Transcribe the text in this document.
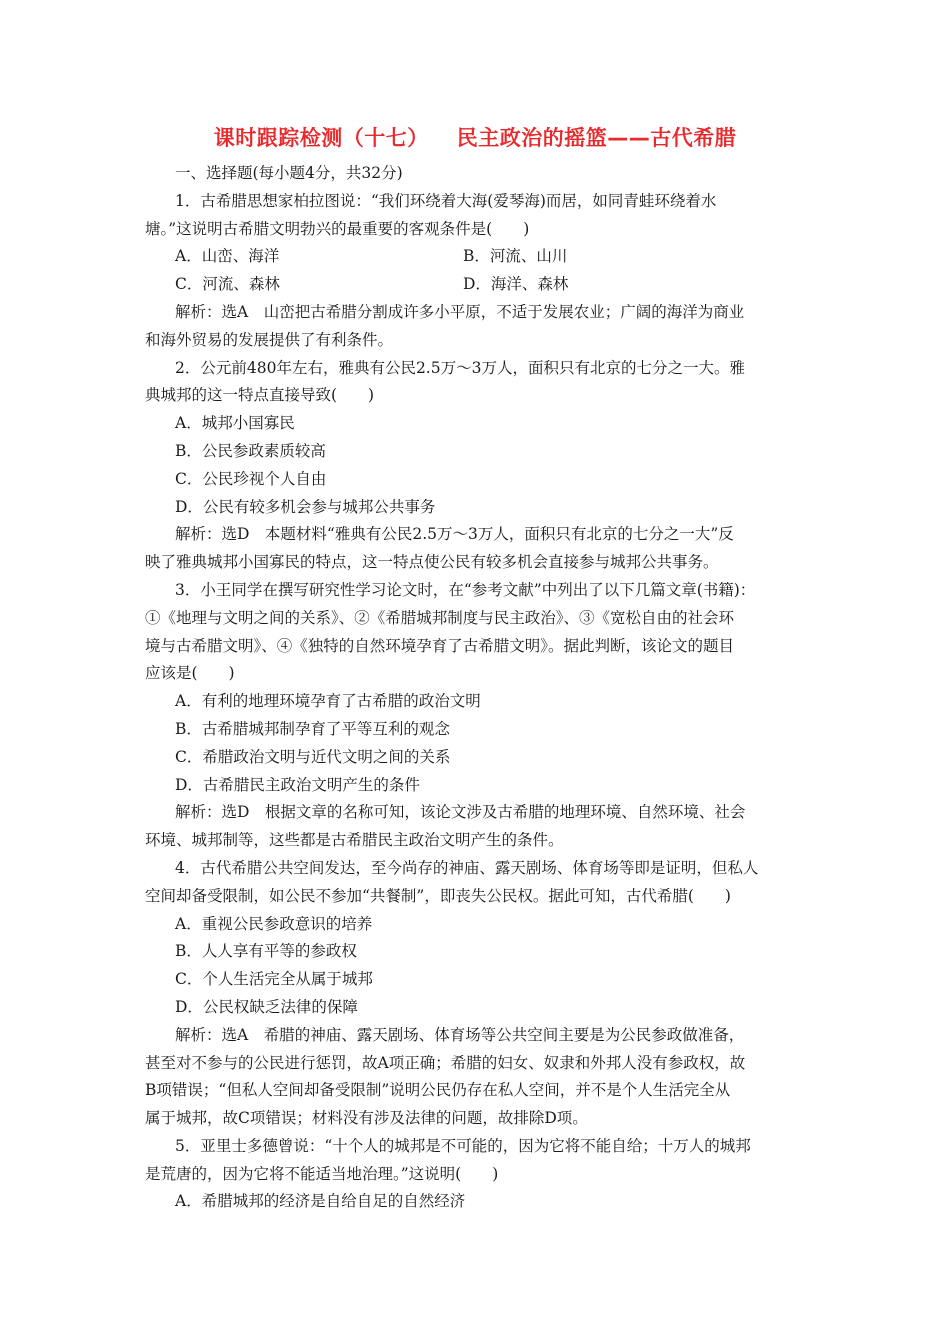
课时跟踪检测（十七） 民主政治的摇篮——古代希腊
一、选择题(每小题4分，共32分)
1．古希腊思想家柏拉图说：“我们环绕着大海(爱琴海)而居，如同青蛙环绕着水
塘。”这说明古希腊文明勃兴的最重要的客观条件是(　　)
A．山峦、海洋	B．河流、山川
C．河流、森林	D．海洋、森林
解析：选A　山峦把古希腊分割成许多小平原，不适于发展农业；广阔的海洋为商业
和海外贸易的发展提供了有利条件。
2．公元前480年左右，雅典有公民2.5万～3万人，面积只有北京的七分之一大。雅
典城邦的这一特点直接导致(　　)
A．城邦小国寡民
B．公民参政素质较高
C．公民珍视个人自由
D．公民有较多机会参与城邦公共事务
解析：选D　本题材料“雅典有公民2.5万～3万人，面积只有北京的七分之一大”反
映了雅典城邦小国寡民的特点，这一特点使公民有较多机会直接参与城邦公共事务。
3．小王同学在撰写研究性学习论文时，在“参考文献”中列出了以下几篇文章(书籍)：
①《地理与文明之间的关系》、②《希腊城邦制度与民主政治》、③《宽松自由的社会环
境与古希腊文明》、④《独特的自然环境孕育了古希腊文明》。据此判断，该论文的题目
应该是(　　)
A．有利的地理环境孕育了古希腊的政治文明
B．古希腊城邦制孕育了平等互利的观念
C．希腊政治文明与近代文明之间的关系
D．古希腊民主政治文明产生的条件
解析：选D　根据文章的名称可知，该论文涉及古希腊的地理环境、自然环境、社会
环境、城邦制等，这些都是古希腊民主政治文明产生的条件。
4．古代希腊公共空间发达，至今尚存的神庙、露天剧场、体育场等即是证明，但私人
空间却备受限制，如公民不参加“共餐制”，即丧失公民权。据此可知，古代希腊(　　)
A．重视公民参政意识的培养
B．人人享有平等的参政权
C．个人生活完全从属于城邦
D．公民权缺乏法律的保障
解析：选A　希腊的神庙、露天剧场、体育场等公共空间主要是为公民参政做准备，
甚至对不参与的公民进行惩罚，故A项正确；希腊的妇女、奴隶和外邦人没有参政权，故
B项错误；“但私人空间却备受限制”说明公民仍存在私人空间，并不是个人生活完全从
属于城邦，故C项错误；材料没有涉及法律的问题，故排除D项。
5．亚里士多德曾说：“十个人的城邦是不可能的，因为它将不能自给；十万人的城邦
是荒唐的，因为它将不能适当地治理。”这说明(　　)
A．希腊城邦的经济是自给自足的自然经济
